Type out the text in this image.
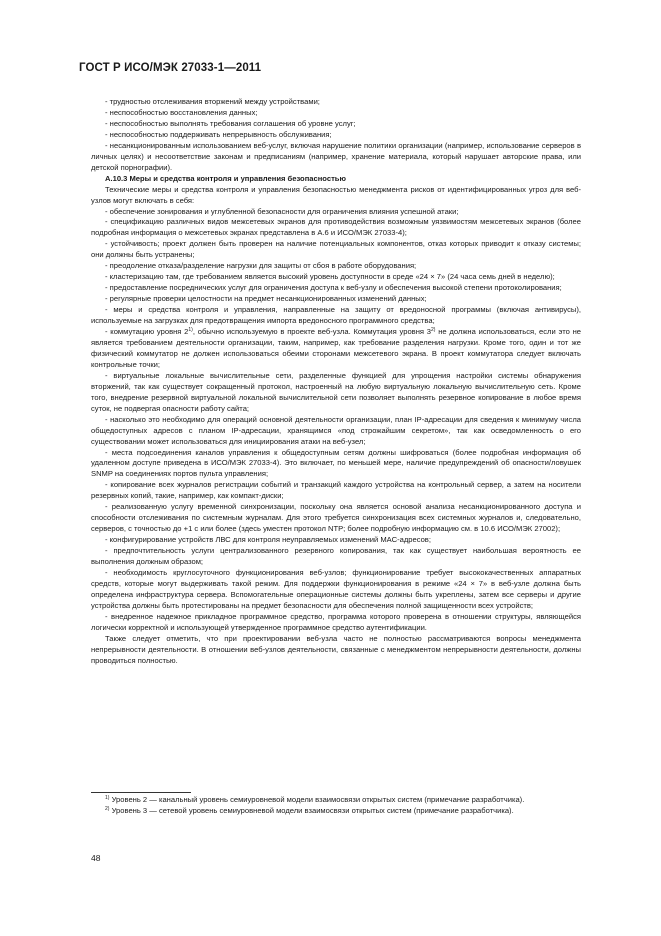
ГОСТ Р ИСО/МЭК 27033-1—2011

- трудностью отслеживания вторжений между устройствами;

- неспособностью восстановления данных;

- неспособностью выполнять требования соглашения об уровне услуг;

- неспособностью поддерживать непрерывность обслуживания;

- несанкционированным использованием веб-услуг, включая нарушение политики организации (например, использование серверов в личных целях) и несоответствие законам и предписаниям (например, хранение материала, который нарушает авторские права, или детской порнографии).

А.10.3 Меры и средства контроля и управления безопасностью

Технические меры и средства контроля и управления безопасностью менеджмента рисков от идентифицированных угроз для веб-узлов могут включать в себя:

- обеспечение зонирования и углубленной безопасности для ограничения влияния успешной атаки;

- спецификацию различных видов межсетевых экранов для противодействия возможным уязвимостям межсетевых экранов (более подробная информация о межсетевых экранах представлена в А.6 и ИСО/МЭК 27033-4);

- устойчивость; проект должен быть проверен на наличие потенциальных компонентов, отказ которых приводит к отказу системы; они должны быть устранены;

- преодоление отказа/разделение нагрузки для защиты от сбоя в работе оборудования;

- кластеризацию там, где требованием является высокий уровень доступности в среде «24 × 7» (24 часа семь дней в неделю);

- предоставление посреднических услуг для ограничения доступа к веб-узлу и обеспечения высокой степени протоколирования;

- регулярные проверки целостности на предмет несанкционированных изменений данных;

- меры и средства контроля и управления, направленные на защиту от вредоносной программы (включая антивирусы), используемые на загрузках для предотвращения импорта вредоносного программного средства;

- коммутацию уровня 2$^{1)}$, обычно используемую в проекте веб-узла. Коммутация уровня 3$^{2)}$ не должна использоваться, если это не является требованием деятельности организации, таким, например, как требование разделения нагрузки. Кроме того, один и тот же физический коммутатор не должен использоваться обеими сторонами межсетевого экрана. В проект коммутатора следует включать контрольные точки;

- виртуальные локальные вычислительные сети, разделенные функцией для упрощения настройки системы обнаружения вторжений, так как существует сокращенный протокол, настроенный на любую виртуальную локальную вычислительную сеть. Кроме того, внедрение резервной виртуальной локальной вычислительной сети позволяет выполнять резервное копирование в любое время суток, не подвергая опасности работу сайта;

- насколько это необходимо для операций основной деятельности организации, план IP-адресации для сведения к минимуму числа общедоступных адресов с планом IP-адресации, хранящимся «под строжайшим секретом», так как осведомленность о его существовании может использоваться для инициирования атаки на веб-узел;

- места подсоединения каналов управления к общедоступным сетям должны шифроваться (более подробная информация об удаленном доступе приведена в ИСО/МЭК 27033-4). Это включает, по меньшей мере, наличие предупреждений об опасности/ловушек SNMP на соединениях портов пульта управления;

- копирование всех журналов регистрации событий и транзакций каждого устройства на контрольный сервер, а затем на носители резервных копий, такие, например, как компакт-диски;

- реализованную услугу временной синхронизации, поскольку она является основой анализа несанкционированного доступа и способности отслеживания по системным журналам. Для этого требуется синхронизация всех системных журналов и, следовательно, серверов, с точностью до +1 с или более (здесь уместен протокол NTP; более подробную информацию см. в 10.6 ИСО/МЭК 27002);

- конфигурирование устройств ЛВС для контроля неуправляемых изменений МАС-адресов;

- предпочтительность услуги централизованного резервного копирования, так как существует наибольшая вероятность ее выполнения должным образом;

- необходимость круглосуточного функционирования веб-узлов; функционирование требует высококачественных аппаратных средств, которые могут выдерживать такой режим. Для поддержки функционирования в режиме «24 × 7» в веб-узле должна быть определена инфраструктура сервера. Вспомогательные операционные системы должны быть укреплены, затем все серверы и другие устройства должны быть протестированы на предмет безопасности для обеспечения полной защищенности всех устройств;

- внедренное надежное прикладное программное средство, программа которого проверена в отношении структуры, являющейся логически корректной и использующей утвержденное программное средство аутентификации.

Также следует отметить, что при проектировании веб-узла часто не полностью рассматриваются вопросы менеджмента непрерывности деятельности. В отношении веб-узлов деятельности, связанные с менеджментом непрерывности деятельности, должны проводиться полностью.

$^{1)}$ Уровень 2 — канальный уровень семиуровневой модели взаимосвязи открытых систем (примечание разработчика).

$^{2)}$ Уровень 3 — сетевой уровень семиуровневой модели взаимосвязи открытых систем (примечание разработчика).

48
